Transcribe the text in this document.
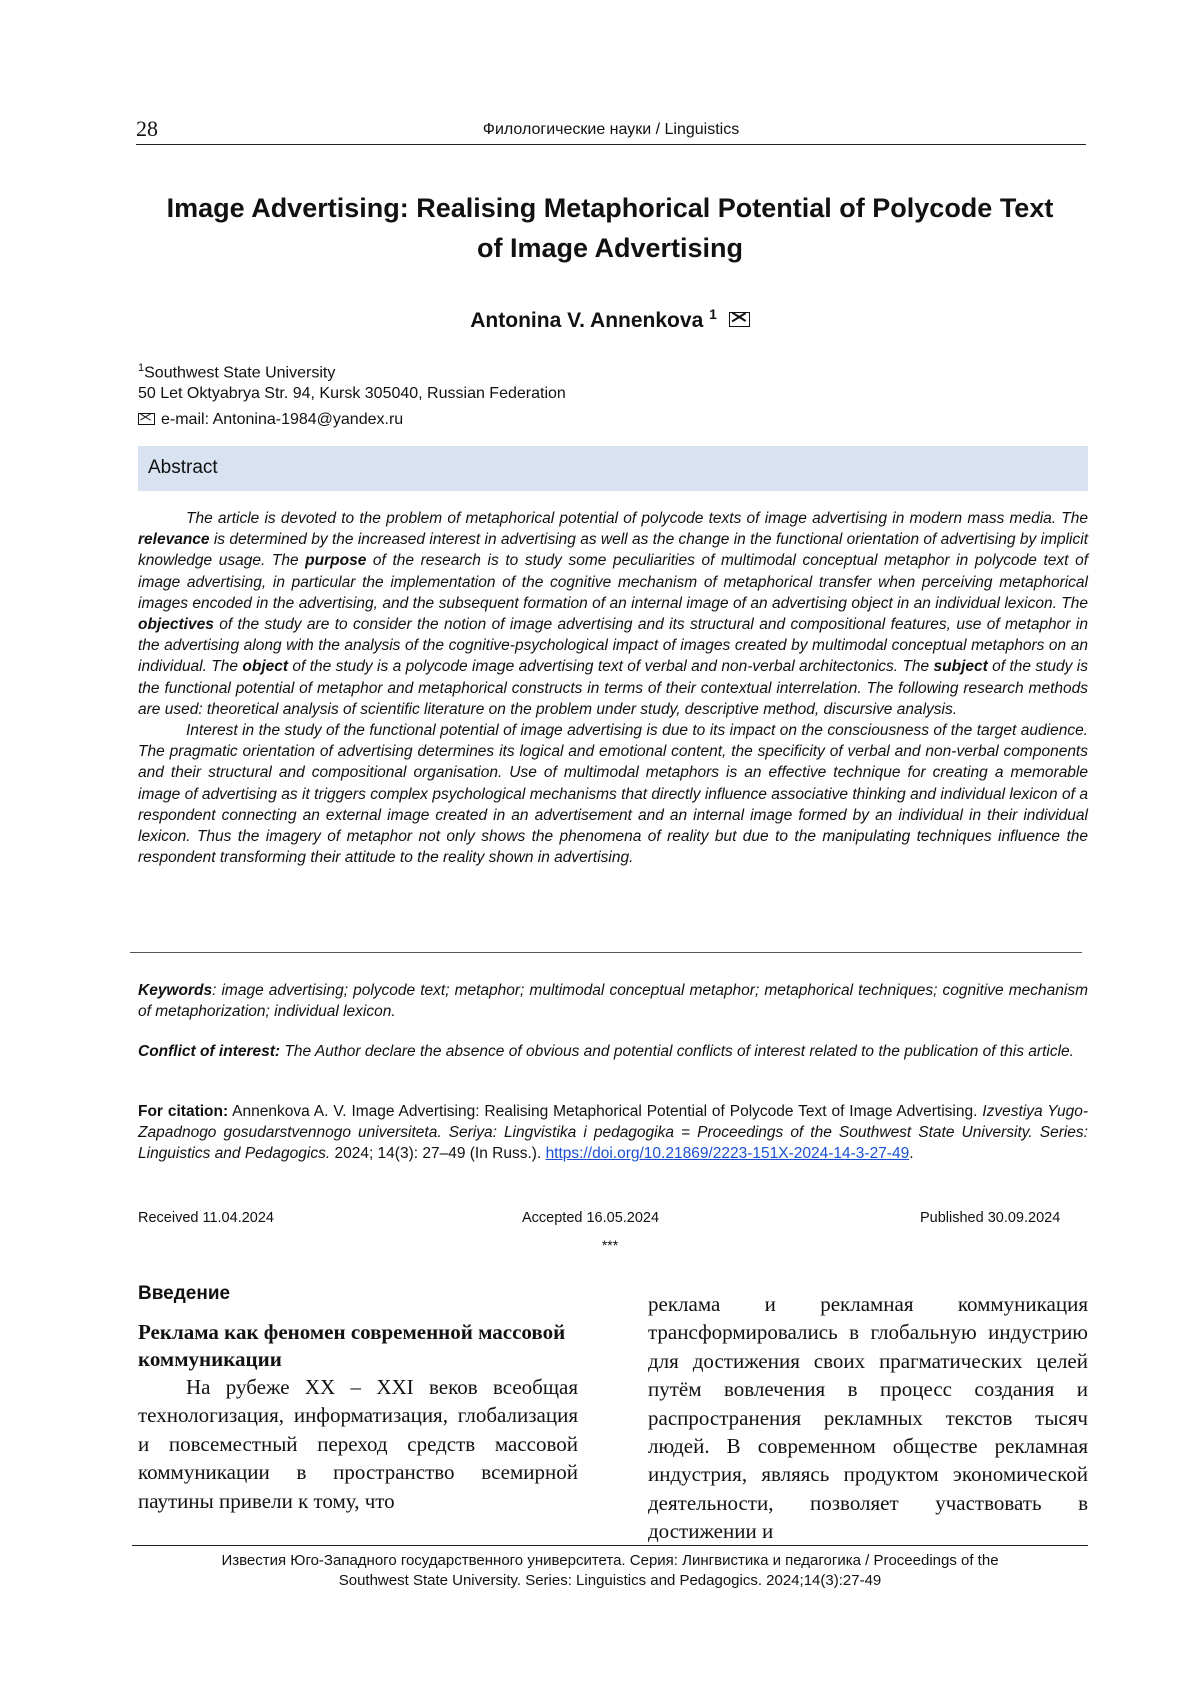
28	Филологические науки / Linguistics
Image Advertising: Realising Metaphorical Potential of Polycode Text
of Image Advertising
Antonina V. Annenkova $^1$
$^1$Southwest State University
50 Let Oktyabrya Str. 94, Kursk 305040, Russian Federation
e-mail: Antonina-1984@yandex.ru
Abstract

The article is devoted to the problem of metaphorical potential of polycode texts of image advertising in modern mass media. The relevance is determined by the increased interest in advertising as well as the change in the functional orientation of advertising by implicit knowledge usage. The purpose of the research is to study some peculiarities of multimodal conceptual metaphor in polycode text of image advertising, in particular the implementation of the cognitive mechanism of metaphorical transfer when perceiving metaphorical images encoded in the advertising, and the subsequent formation of an internal image of an advertising object in an individual lexicon. The objectives of the study are to consider the notion of image advertising and its structural and compositional features, use of metaphor in the advertising along with the analysis of the cognitive-psychological impact of images created by multimodal conceptual metaphors on an individual. The object of the study is a polycode image advertising text of verbal and non-verbal architectonics. The subject of the study is the functional potential of metaphor and metaphorical constructs in terms of their contextual interrelation. The following research methods are used: theoretical analysis of scientific literature on the problem under study, descriptive method, discursive analysis.

Interest in the study of the functional potential of image advertising is due to its impact on the consciousness of the target audience. The pragmatic orientation of advertising determines its logical and emotional content, the specificity of verbal and non-verbal components and their structural and compositional organisation. Use of multimodal metaphors is an effective technique for creating a memorable image of advertising as it triggers complex psychological mechanisms that directly influence associative thinking and individual lexicon of a respondent connecting an external image created in an advertisement and an internal image formed by an individual in their individual lexicon. Thus the imagery of metaphor not only shows the phenomena of reality but due to the manipulating techniques influence the respondent transforming their attitude to the reality shown in advertising.

Keywords: image advertising; polycode text; metaphor; multimodal conceptual metaphor; metaphorical techniques; cognitive mechanism of metaphorization; individual lexicon.
Conflict of interest: The Author declare the absence of obvious and potential conflicts of interest related to the publication of this article.
For citation: Annenkova A. V. Image Advertising: Realising Metaphorical Potential of Polycode Text of Image Advertising. Izvestiya Yugo-Zapadnogo gosudarstvennogo universiteta. Seriya: Lingvistika i pedagogika = Proceedings of the Southwest State University. Series: Linguistics and Pedagogics. 2024; 14(3): 27–49 (In Russ.). https://doi.org/10.21869/2223-151X-2024-14-3-27-49.
Received 11.04.2024	Accepted 16.05.2024	Published 30.09.2024
***
Введение
Реклама как феномен современной массовой коммуникации

На рубеже XX – XXI веков всеобщая технологизация, информатизация, глобализация и повсеместный переход средств массовой коммуникации в пространство всемирной паутины привели к тому, что

реклама и рекламная коммуникация трансформировались в глобальную индустрию для достижения своих прагматических целей путём вовлечения в процесс создания и распространения рекламных текстов тысяч людей. В современном обществе рекламная индустрия, являясь продуктом экономической деятельности, позволяет участвовать в достижении и

Известия Юго-Западного государственного университета. Серия: Лингвистика и педагогика / Proceedings of the
Southwest State University. Series: Linguistics and Pedagogics. 2024;14(3):27-49
